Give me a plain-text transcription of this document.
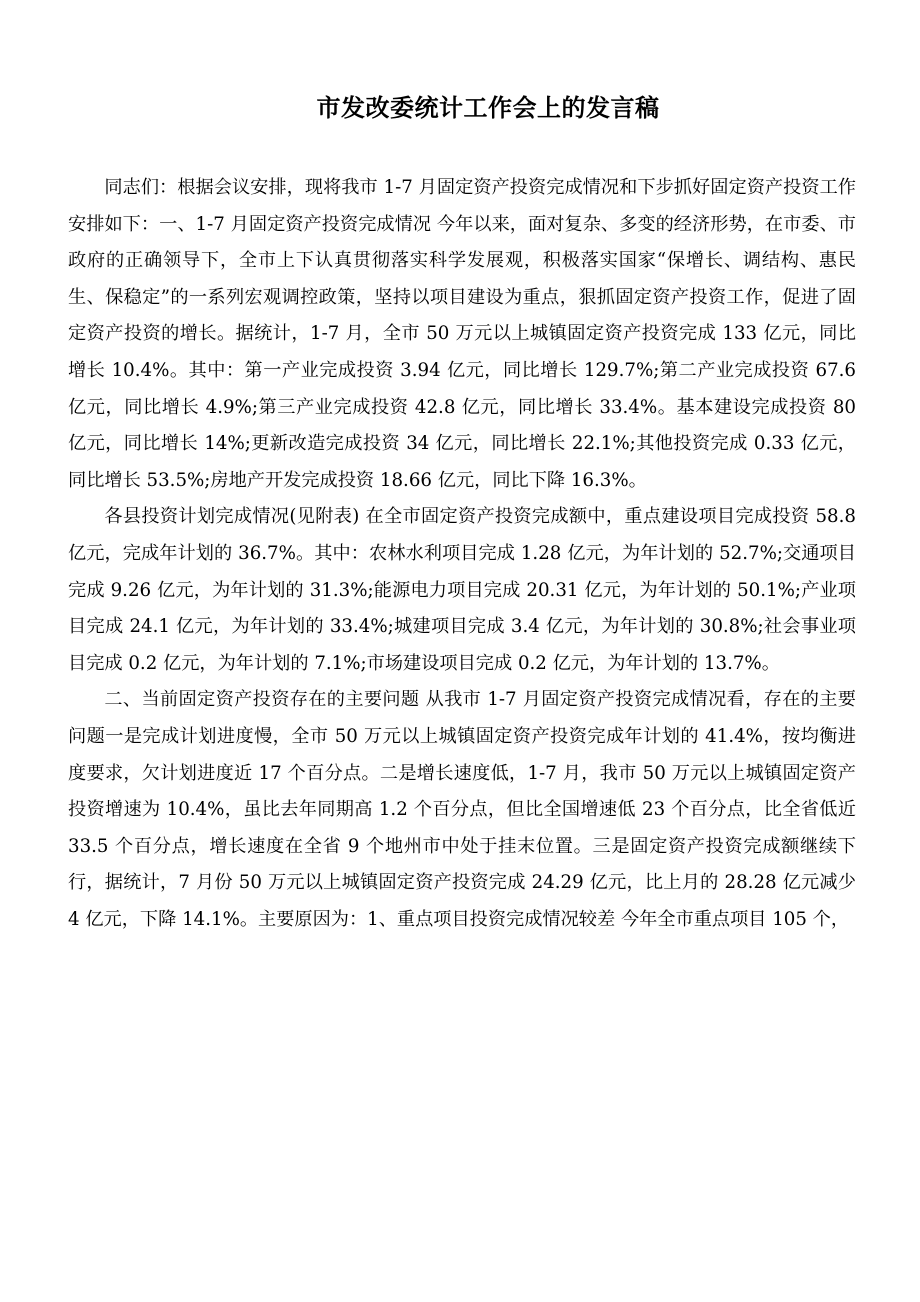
市发改委统计工作会上的发言稿

同志们：根据会议安排，现将我市 1-7 月固定资产投资完成情况和下步抓好固定资产投资工作安排如下：一、1-7 月固定资产投资完成情况 今年以来，面对复杂、多变的经济形势，在市委、市政府的正确领导下，全市上下认真贯彻落实科学发展观，积极落实国家“保增长、调结构、惠民生、保稳定”的一系列宏观调控政策，坚持以项目建设为重点，狠抓固定资产投资工作，促进了固定资产投资的增长。据统计，1-7 月，全市 50 万元以上城镇固定资产投资完成 133 亿元，同比增长 10.4%。其中：第一产业完成投资 3.94 亿元，同比增长 129.7%;第二产业完成投资 67.6 亿元，同比增长 4.9%;第三产业完成投资 42.8 亿元，同比增长 33.4%。基本建设完成投资 80 亿元，同比增长 14%;更新改造完成投资 34 亿元，同比增长 22.1%;其他投资完成 0.33 亿元，同比增长 53.5%;房地产开发完成投资 18.66 亿元，同比下降 16.3%。

各县投资计划完成情况(见附表) 在全市固定资产投资完成额中，重点建设项目完成投资 58.8 亿元，完成年计划的 36.7%。其中：农林水利项目完成 1.28 亿元，为年计划的 52.7%;交通项目完成 9.26 亿元，为年计划的 31.3%;能源电力项目完成 20.31 亿元，为年计划的 50.1%;产业项目完成 24.1 亿元，为年计划的 33.4%;城建项目完成 3.4 亿元，为年计划的 30.8%;社会事业项目完成 0.2 亿元，为年计划的 7.1%;市场建设项目完成 0.2 亿元，为年计划的 13.7%。

二、当前固定资产投资存在的主要问题 从我市 1-7 月固定资产投资完成情况看，存在的主要问题一是完成计划进度慢，全市 50 万元以上城镇固定资产投资完成年计划的 41.4%，按均衡进度要求，欠计划进度近 17 个百分点。二是增长速度低，1-7 月，我市 50 万元以上城镇固定资产投资增速为 10.4%，虽比去年同期高 1.2 个百分点，但比全国增速低 23 个百分点，比全省低近 33.5 个百分点，增长速度在全省 9 个地州市中处于挂末位置。三是固定资产投资完成额继续下行，据统计，7 月份 50 万元以上城镇固定资产投资完成 24.29 亿元，比上月的 28.28 亿元减少 4 亿元，下降 14.1%。主要原因为：1、重点项目投资完成情况较差 今年全市重点项目 105 个，
